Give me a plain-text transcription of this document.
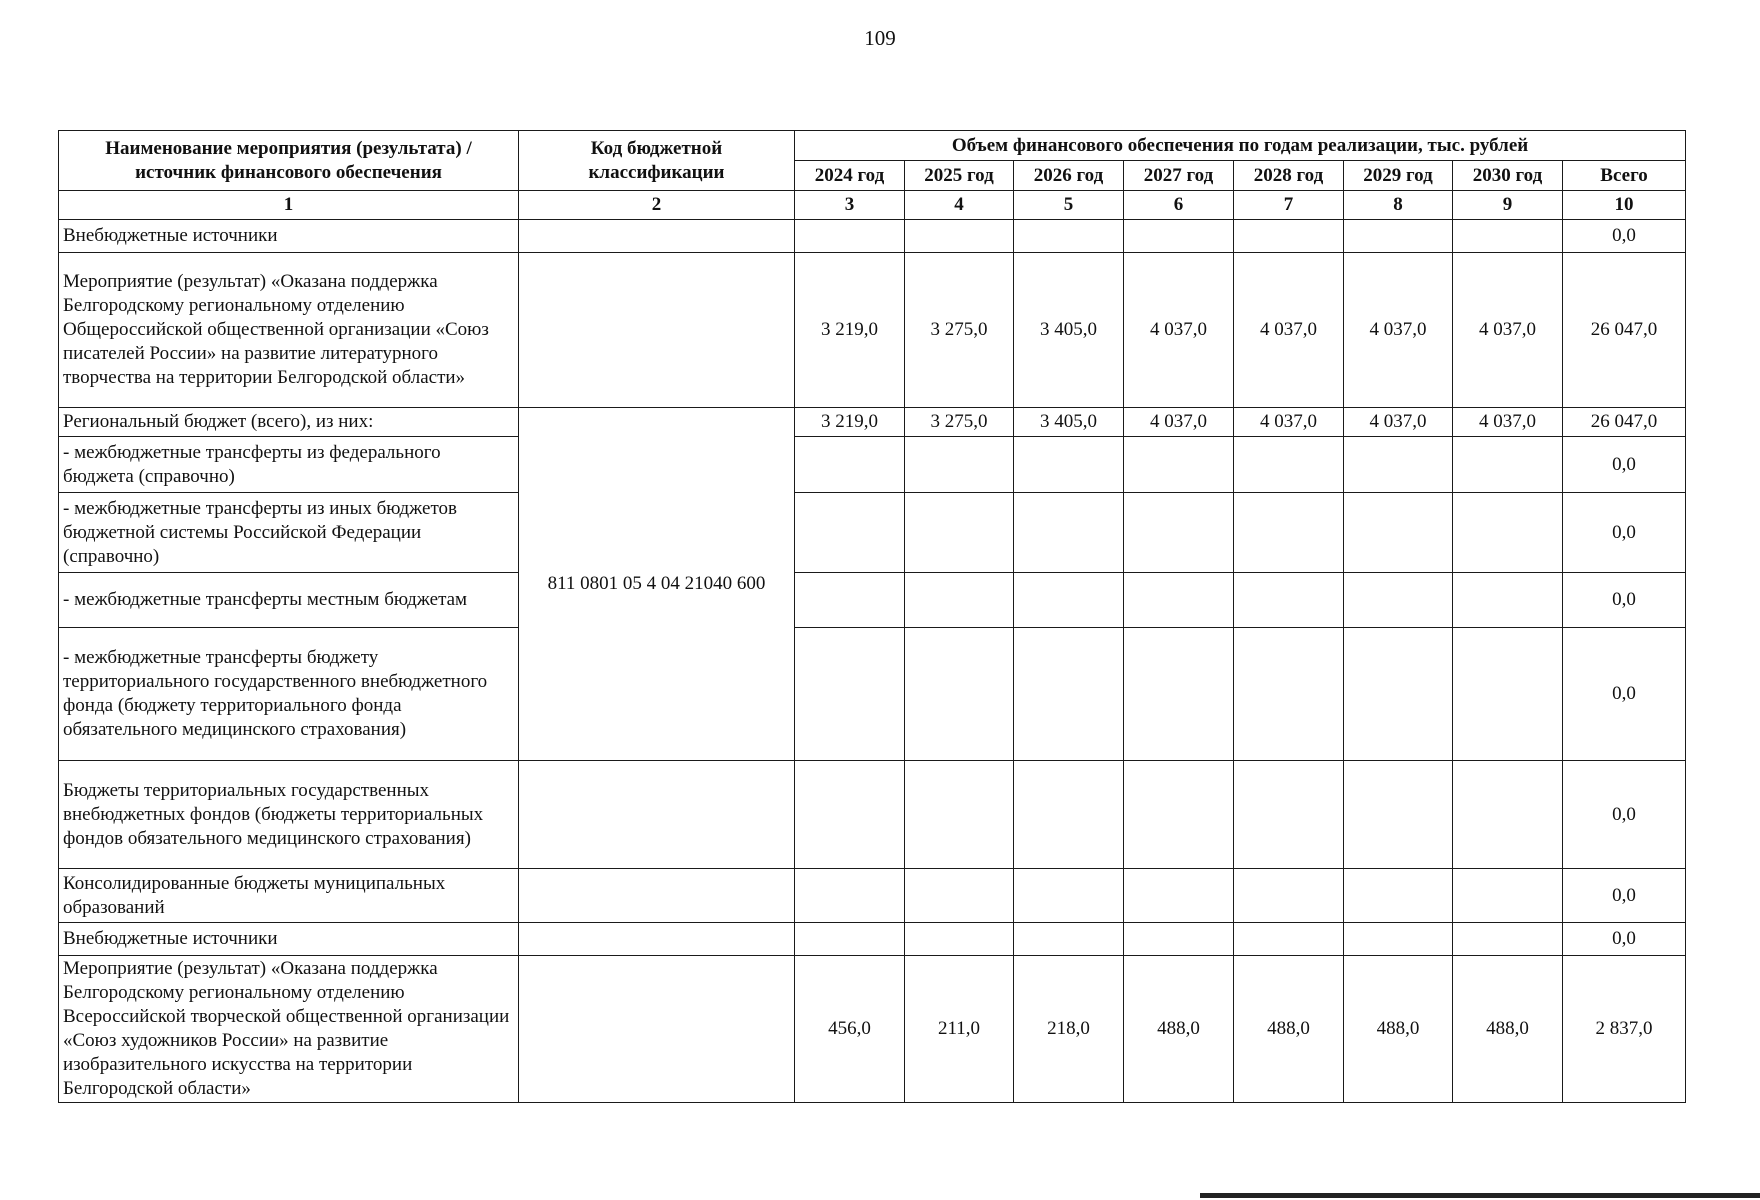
109
Наименование мероприятия (результата) / источник финансового обеспечения	Код бюджетной классификации	Объем финансового обеспечения по годам реализации, тыс. рублей							
		2024 год	2025 год	2026 год	2027 год	2028 год	2029 год	2030 год	Всего
1	2	3	4	5	6	7	8	9	10
Внебюджетные источники									0,0
Мероприятие (результат) «Оказана поддержка Белгородскому региональному отделению Общероссийской общественной организации «Союз писателей России» на развитие литературного творчества на территории Белгородской области»		3 219,0	3 275,0	3 405,0	4 037,0	4 037,0	4 037,0	4 037,0	26 047,0
Региональный бюджет (всего), из них:	811 0801 05 4 04 21040 600	3 219,0	3 275,0	3 405,0	4 037,0	4 037,0	4 037,0	4 037,0	26 047,0
- межбюджетные трансферты из федерального бюджета (справочно)									0,0
- межбюджетные трансферты из иных бюджетов бюджетной системы Российской Федерации (справочно)									0,0
- межбюджетные трансферты местным бюджетам									0,0
- межбюджетные трансферты бюджету территориального государственного внебюджетного фонда (бюджету территориального фонда обязательного медицинского страхования)									0,0
Бюджеты территориальных государственных внебюджетных фондов (бюджеты территориальных фондов обязательного медицинского страхования)									0,0
Консолидированные бюджеты муниципальных образований									0,0
Внебюджетные источники									0,0
Мероприятие (результат) «Оказана поддержка Белгородскому региональному отделению Всероссийской творческой общественной организации «Союз художников России» на развитие изобразительного искусства на территории Белгородской области»		456,0	211,0	218,0	488,0	488,0	488,0	488,0	2 837,0
